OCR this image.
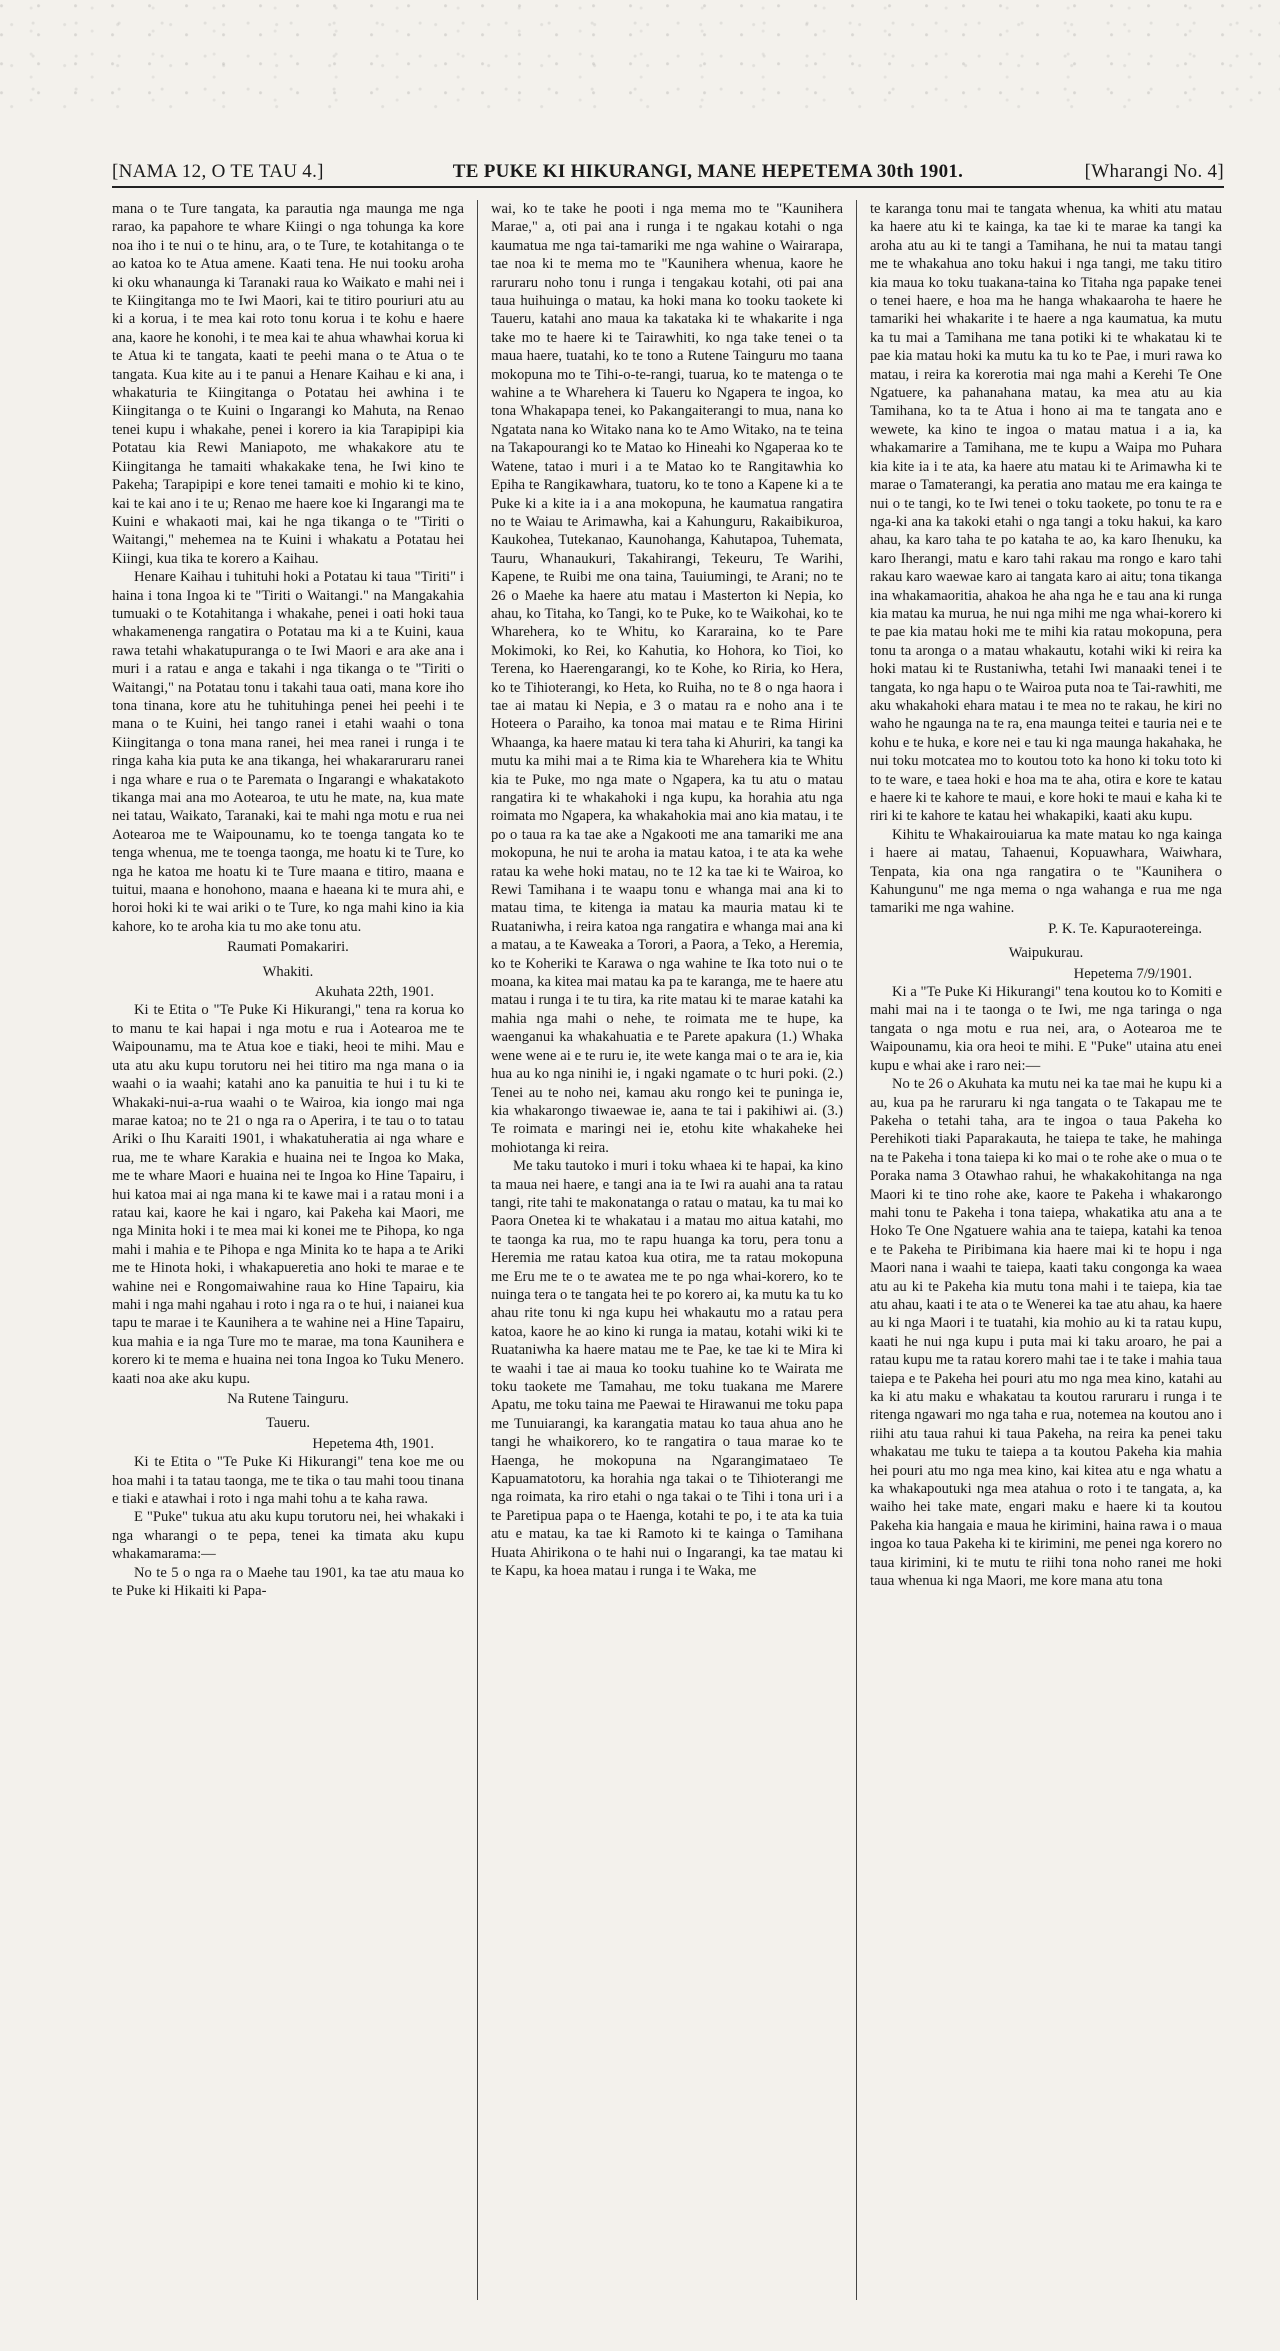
[NAMA 12, O TE TAU 4.]	TE PUKE KI HIKURANGI, MANE HEPETEMA 30th 1901.	[Wharangi No. 4]

mana o te Ture tangata, ka parautia nga maunga me nga rarao, ka papahore te whare Kiingi o nga tohunga ka kore noa iho i te nui o te hinu, ara, o te Ture, te kotahitanga o te ao katoa ko te Atua amene. Kaati tena. He nui tooku aroha ki oku whanaunga ki Taranaki raua ko Waikato e mahi nei i te Kiingitanga mo te Iwi Maori, kai te titiro pouriuri atu au ki a korua, i te mea kai roto tonu korua i te kohu e haere ana, kaore he konohi, i te mea kai te ahua whawhai korua ki te Atua ki te tangata, kaati te peehi mana o te Atua o te tangata. Kua kite au i te panui a Henare Kaihau e ki ana, i whakaturia te Kiingitanga o Potatau hei awhina i te Kiingitanga o te Kuini o Ingarangi ko Mahuta, na Renao tenei kupu i whakahe, penei i korero ia kia Tarapipipi kia Potatau kia Rewi Maniapoto, me whakakore atu te Kiingitanga he tamaiti whakakake tena, he Iwi kino te Pakeha; Tarapipipi e kore tenei tamaiti e mohio ki te kino, kai te kai ano i te u; Renao me haere koe ki Ingarangi ma te Kuini e whakaoti mai, kai he nga tikanga o te "Tiriti o Waitangi," mehemea na te Kuini i whakatu a Potatau hei Kiingi, kua tika te korero a Kaihau.

Henare Kaihau i tuhituhi hoki a Potatau ki taua "Tiriti" i haina i tona Ingoa ki te "Tiriti o Waitangi." na Mangakahia tumuaki o te Kotahitanga i whakahe, penei i oati hoki taua whakamenenga rangatira o Potatau ma ki a te Kuini, kaua rawa tetahi whakatupuranga o te Iwi Maori e ara ake ana i muri i a ratau e anga e takahi i nga tikanga o te "Tiriti o Waitangi," na Potatau tonu i takahi taua oati, mana kore iho tona tinana, kore atu he tuhituhinga penei hei peehi i te mana o te Kuini, hei tango ranei i etahi waahi o tona Kiingitanga o tona mana ranei, hei mea ranei i runga i te ringa kaha kia puta ke ana tikanga, hei whakararuraru ranei i nga whare e rua o te Paremata o Ingarangi e whakatakoto tikanga mai ana mo Aotearoa, te utu he mate, na, kua mate nei tatau, Waikato, Taranaki, kai te mahi nga motu e rua nei Aotearoa me te Waipounamu, ko te toenga tangata ko te tenga whenua, me te toenga taonga, me hoatu ki te Ture, ko nga he katoa me hoatu ki te Ture maana e titiro, maana e tuitui, maana e honohono, maana e haeana ki te mura ahi, e horoi hoki ki te wai ariki o te Ture, ko nga mahi kino ia kia kahore, ko te aroha kia tu mo ake tonu atu.

Raumati Pomakariri.

Whakiti.

Akuhata 22th, 1901.

Ki te Etita o "Te Puke Ki Hikurangi," tena ra korua ko to manu te kai hapai i nga motu e rua i Aotearoa me te Waipounamu, ma te Atua koe e tiaki, heoi te mihi. Mau e uta atu aku kupu torutoru nei hei titiro ma nga mana o ia waahi o ia waahi; katahi ano ka panuitia te hui i tu ki te Whakaki-nui-a-rua waahi o te Wairoa, kia iongo mai nga marae katoa; no te 21 o nga ra o Aperira, i te tau o to tatau Ariki o Ihu Karaiti 1901, i whakatuheratia ai nga whare e rua, me te whare Karakia e huaina nei te Ingoa ko Maka, me te whare Maori e huaina nei te Ingoa ko Hine Tapairu, i hui katoa mai ai nga mana ki te kawe mai i a ratau moni i a ratau kai, kaore he kai i ngaro, kai Pakeha kai Maori, me nga Minita hoki i te mea mai ki konei me te Pihopa, ko nga mahi i mahia e te Pihopa e nga Minita ko te hapa a te Ariki me te Hinota hoki, i whakapueretia ano hoki te marae e te wahine nei e Rongomaiwahine raua ko Hine Tapairu, kia mahi i nga mahi ngahau i roto i nga ra o te hui, i naianei kua tapu te marae i te Kaunihera a te wahine nei a Hine Tapairu, kua mahia e ia nga Ture mo te marae, ma tona Kaunihera e korero ki te mema e huaina nei tona Ingoa ko Tuku Menero. kaati noa ake aku kupu.

Na Rutene Tainguru.

Taueru.

Hepetema 4th, 1901.

Ki te Etita o "Te Puke Ki Hikurangi" tena koe me ou hoa mahi i ta tatau taonga, me te tika o tau mahi toou tinana e tiaki e atawhai i roto i nga mahi tohu a te kaha rawa.

E "Puke" tukua atu aku kupu torutoru nei, hei whakaki i nga wharangi o te pepa, tenei ka timata aku kupu whakamarama:—

No te 5 o nga ra o Maehe tau 1901, ka tae atu maua ko te Puke ki Hikaiti ki Papa-

wai, ko te take he pooti i nga mema mo te "Kaunihera Marae," a, oti pai ana i runga i te ngakau kotahi o nga kaumatua me nga tai-tamariki me nga wahine o Wairarapa, tae noa ki te mema mo te "Kaunihera whenua, kaore he raruraru noho tonu i runga i tengakau kotahi, oti pai ana taua huihuinga o matau, ka hoki mana ko tooku taokete ki Taueru, katahi ano maua ka takataka ki te whakarite i nga take mo te haere ki te Tairawhiti, ko nga take tenei o ta maua haere, tuatahi, ko te tono a Rutene Tainguru mo taana mokopuna mo te Tihi-o-te-rangi, tuarua, ko te matenga o te wahine a te Wharehera ki Taueru ko Ngapera te ingoa, ko tona Whakapapa tenei, ko Pakangaiterangi to mua, nana ko Ngatata nana ko Witako nana ko te Amo Witako, na te teina na Takapourangi ko te Matao ko Hineahi ko Ngaperaa ko te Watene, tatao i muri i a te Matao ko te Rangitawhia ko Epiha te Rangikawhara, tuatoru, ko te tono a Kapene ki a te Puke ki a kite ia i a ana mokopuna, he kaumatua rangatira no te Waiau te Arimawha, kai a Kahunguru, Rakaibikuroa, Kaukohea, Tutekanao, Kaunohanga, Kahutapoa, Tuhemata, Tauru, Whanaukuri, Takahirangi, Tekeuru, Te Warihi, Kapene, te Ruibi me ona taina, Tauiumingi, te Arani; no te 26 o Maehe ka haere atu matau i Masterton ki Nepia, ko ahau, ko Titaha, ko Tangi, ko te Puke, ko te Waikohai, ko te Wharehera, ko te Whitu, ko Kararaina, ko te Pare Mokimoki, ko Rei, ko Kahutia, ko Hohora, ko Tioi, ko Terena, ko Haerengarangi, ko te Kohe, ko Riria, ko Hera, ko te Tihioterangi, ko Heta, ko Ruiha, no te 8 o nga haora i tae ai matau ki Nepia, e 3 o matau ra e noho ana i te Hoteera o Paraiho, ka tonoa mai matau e te Rima Hirini Whaanga, ka haere matau ki tera taha ki Ahuriri, ka tangi ka mutu ka mihi mai a te Rima kia te Wharehera kia te Whitu kia te Puke, mo nga mate o Ngapera, ka tu atu o matau rangatira ki te whakahoki i nga kupu, ka horahia atu nga roimata mo Ngapera, ka whakahokia mai ano kia matau, i te po o taua ra ka tae ake a Ngakooti me ana tamariki me ana mokopuna, he nui te aroha ia matau katoa, i te ata ka wehe ratau ka wehe hoki matau, no te 12 ka tae ki te Wairoa, ko Rewi Tamihana i te waapu tonu e whanga mai ana ki to matau tima, te kitenga ia matau ka mauria matau ki te Ruataniwha, i reira katoa nga rangatira e whanga mai ana ki a matau, a te Kaweaka a Torori, a Paora, a Teko, a Heremia, ko te Koheriki te Karawa o nga wahine te Ika toto nui o te moana, ka kitea mai matau ka pa te karanga, me te haere atu matau i runga i te tu tira, ka rite matau ki te marae katahi ka mahia nga mahi o nehe, te roimata me te hupe, ka waenganui ka whakahuatia e te Parete apakura (1.) Whaka wene wene ai e te ruru ie, ite wete kanga mai o te ara ie, kia hua au ko nga ninihi ie, i ngaki ngamate o tc huri poki. (2.) Tenei au te noho nei, kamau aku rongo kei te puninga ie, kia whakarongo tiwaewae ie, aana te tai i pakihiwi ai. (3.) Te roimata e maringi nei ie, etohu kite whakaheke hei mohiotanga ki reira.

Me taku tautoko i muri i toku whaea ki te hapai, ka kino ta maua nei haere, e tangi ana ia te Iwi ra auahi ana ta ratau tangi, rite tahi te makonatanga o ratau o matau, ka tu mai ko Paora Onetea ki te whakatau i a matau mo aitua katahi, mo te taonga ka rua, mo te rapu huanga ka toru, pera tonu a Heremia me ratau katoa kua otira, me ta ratau mokopuna me Eru me te o te awatea me te po nga whai-korero, ko te nuinga tera o te tangata hei te po korero ai, ka mutu ka tu ko ahau rite tonu ki nga kupu hei whakautu mo a ratau pera katoa, kaore he ao kino ki runga ia matau, kotahi wiki ki te Ruataniwha ka haere matau me te Pae, ke tae ki te Mira ki te waahi i tae ai maua ko tooku tuahine ko te Wairata me toku taokete me Tamahau, me toku tuakana me Marere Apatu, me toku taina me Paewai te Hirawanui me toku papa me Tunuiarangi, ka karangatia matau ko taua ahua ano he tangi he whaikorero, ko te rangatira o taua marae ko te Haenga, he mokopuna na Ngarangimataeo Te Kapuamatotoru, ka horahia nga takai o te Tihioterangi me nga roimata, ka riro etahi o nga takai o te Tihi i tona uri i a te Paretipua papa o te Haenga, kotahi te po, i te ata ka tuia atu e matau, ka tae ki Ramoto ki te kainga o Tamihana Huata Ahirikona o te hahi nui o Ingarangi, ka tae matau ki te Kapu, ka hoea matau i runga i te Waka, me

te karanga tonu mai te tangata whenua, ka whiti atu matau ka haere atu ki te kainga, ka tae ki te marae ka tangi ka aroha atu au ki te tangi a Tamihana, he nui ta matau tangi me te whakahua ano toku hakui i nga tangi, me taku titiro kia maua ko toku tuakana-taina ko Titaha nga papake tenei o tenei haere, e hoa ma he hanga whakaaroha te haere he tamariki hei whakarite i te haere a nga kaumatua, ka mutu ka tu mai a Tamihana me tana potiki ki te whakatau ki te pae kia matau hoki ka mutu ka tu ko te Pae, i muri rawa ko matau, i reira ka korerotia mai nga mahi a Kerehi Te One Ngatuere, ka pahanahana matau, ka mea atu au kia Tamihana, ko ta te Atua i hono ai ma te tangata ano e wewete, ka kino te ingoa o matau matua i a ia, ka whakamarire a Tamihana, me te kupu a Waipa mo Puhara kia kite ia i te ata, ka haere atu matau ki te Arimawha ki te marae o Tamaterangi, ka peratia ano matau me era kainga te nui o te tangi, ko te Iwi tenei o toku taokete, po tonu te ra e nga-ki ana ka takoki etahi o nga tangi a toku hakui, ka karo ahau, ka karo taha te po kataha te ao, ka karo Ihenuku, ka karo Iherangi, matu e karo tahi rakau ma rongo e karo tahi rakau karo waewae karo ai tangata karo ai aitu; tona tikanga ina whakamaoritia, ahakoa he aha nga he e tau ana ki runga kia matau ka murua, he nui nga mihi me nga whai-korero ki te pae kia matau hoki me te mihi kia ratau mokopuna, pera tonu ta aronga o a matau whakautu, kotahi wiki ki reira ka hoki matau ki te Rustaniwha, tetahi Iwi manaaki tenei i te tangata, ko nga hapu o te Wairoa puta noa te Tai-rawhiti, me aku whakahoki ehara matau i te mea no te rakau, he kiri no waho he ngaunga na te ra, ena maunga teitei e tauria nei e te kohu e te huka, e kore nei e tau ki nga maunga hakahaka, he nui toku motcatea mo to koutou toto ka hono ki toku toto ki to te ware, e taea hoki e hoa ma te aha, otira e kore te katau e haere ki te kahore te maui, e kore hoki te maui e kaha ki te riri ki te kahore te katau hei whakapiki, kaati aku kupu.

Kihitu te Whakairouiarua ka mate matau ko nga kainga i haere ai matau, Tahaenui, Kopuawhara, Waiwhara, Tenpata, kia ona nga rangatira o te "Kaunihera o Kahungunu" me nga mema o nga wahanga e rua me nga tamariki me nga wahine.

P. K. Te. Kapuraotereinga.

Waipukurau.

Hepetema 7/9/1901.

Ki a "Te Puke Ki Hikurangi" tena koutou ko to Komiti e mahi mai na i te taonga o te Iwi, me nga taringa o nga tangata o nga motu e rua nei, ara, o Aotearoa me te Waipounamu, kia ora heoi te mihi. E "Puke" utaina atu enei kupu e whai ake i raro nei:—

No te 26 o Akuhata ka mutu nei ka tae mai he kupu ki a au, kua pa he raruraru ki nga tangata o te Takapau me te Pakeha o tetahi taha, ara te ingoa o taua Pakeha ko Perehikoti tiaki Paparakauta, he taiepa te take, he mahinga na te Pakeha i tona taiepa ki ko mai o te rohe ake o mua o te Poraka nama 3 Otawhao rahui, he whakakohitanga na nga Maori ki te tino rohe ake, kaore te Pakeha i whakarongo mahi tonu te Pakeha i tona taiepa, whakatika atu ana a te Hoko Te One Ngatuere wahia ana te taiepa, katahi ka tenoa e te Pakeha te Piribimana kia haere mai ki te hopu i nga Maori nana i waahi te taiepa, kaati taku congonga ka waea atu au ki te Pakeha kia mutu tona mahi i te taiepa, kia tae atu ahau, kaati i te ata o te Wenerei ka tae atu ahau, ka haere au ki nga Maori i te tuatahi, kia mohio au ki ta ratau kupu, kaati he nui nga kupu i puta mai ki taku aroaro, he pai a ratau kupu me ta ratau korero mahi tae i te take i mahia taua taiepa e te Pakeha hei pouri atu mo nga mea kino, katahi au ka ki atu maku e whakatau ta koutou raruraru i runga i te ritenga ngawari mo nga taha e rua, notemea na koutou ano i riihi atu taua rahui ki taua Pakeha, na reira ka penei taku whakatau me tuku te taiepa a ta koutou Pakeha kia mahia hei pouri atu mo nga mea kino, kai kitea atu e nga whatu a ka whakapoutuki nga mea atahua o roto i te tangata, a, ka waiho hei take mate, engari maku e haere ki ta koutou Pakeha kia hangaia e maua he kirimini, haina rawa i o maua ingoa ko taua Pakeha ki te kirimini, me penei nga korero no taua kirimini, ki te mutu te riihi tona noho ranei me hoki taua whenua ki nga Maori, me kore mana atu tona
